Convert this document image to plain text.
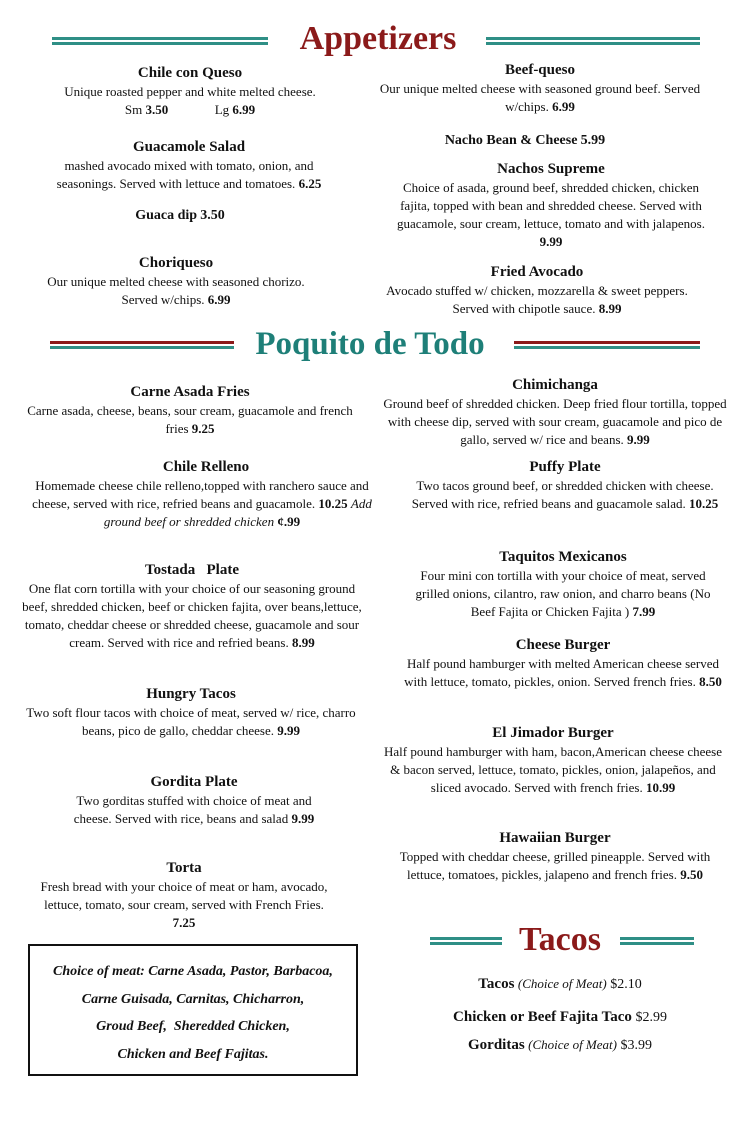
Appetizers
Chile con Queso
Unique roasted pepper and white melted cheese.
Sm 3.50	Lg 6.99
Guacamole Salad
mashed avocado mixed with tomato, onion, and seasonings. Served with lettuce and tomatoes. 6.25
Guaca dip 3.50
Choriqueso
Our unique melted cheese with seasoned chorizo. Served w/chips. 6.99
Beef-queso
Our unique melted cheese with seasoned ground beef. Served w/chips. 6.99
Nacho Bean & Cheese 5.99
Nachos Supreme
Choice of asada, ground beef, shredded chicken, chicken fajita, topped with bean and shredded cheese. Served with guacamole, sour cream, lettuce, tomato and with jalapenos. 9.99
Fried Avocado
Avocado stuffed w/ chicken, mozzarella & sweet peppers. Served with chipotle sauce. 8.99
Poquito de Todo
Carne Asada Fries
Carne asada, cheese, beans, sour cream, guacamole and french fries 9.25
Chile Relleno
Homemade cheese chile relleno,topped with ranchero sauce and cheese, served with rice, refried beans and guacamole. 10.25 Add ground beef or shredded chicken ¢.99
Tostada   Plate
One flat corn tortilla with your choice of our seasoning ground beef, shredded chicken, beef or chicken fajita, over beans,lettuce, tomato, cheddar cheese or shredded cheese, guacamole and sour cream. Served with rice and refried beans. 8.99
Hungry Tacos
Two soft flour tacos with choice of meat, served w/ rice, charro beans, pico de gallo, cheddar cheese. 9.99
Gordita Plate
Two gorditas stuffed with choice of meat and cheese. Served with rice, beans and salad 9.99
Torta
Fresh bread with your choice of meat or ham, avocado, lettuce, tomato, sour cream, served with French Fries. 7.25
Chimichanga
Ground beef of shredded chicken. Deep fried flour tortilla, topped with cheese dip, served with sour cream, guacamole and pico de gallo, served w/ rice and beans. 9.99
Puffy Plate
Two tacos ground beef, or shredded chicken with cheese. Served with rice, refried beans and guacamole salad. 10.25
Taquitos Mexicanos
Four mini con tortilla with your choice of meat, served grilled onions, cilantro, raw onion, and charro beans (No Beef Fajita or Chicken Fajita ) 7.99
Cheese Burger
Half pound hamburger with melted American cheese served with lettuce, tomato, pickles, onion. Served french fries. 8.50
El Jimador Burger
Half pound hamburger with ham, bacon,American cheese cheese & bacon served, lettuce, tomato, pickles, onion, jalapeños, and sliced avocado. Served with french fries. 10.99
Hawaiian Burger
Topped with cheddar cheese, grilled pineapple. Served with lettuce, tomatoes, pickles, jalapeno and french fries. 9.50
Choice of meat: Carne Asada, Pastor, Barbacoa,
Carne Guisada, Carnitas, Chicharron,
Groud Beef,  Sheredded Chicken,
Chicken and Beef Fajitas.
Tacos
Tacos (Choice of Meat) $2.10
Chicken or Beef Fajita Taco $2.99
Gorditas (Choice of Meat) $3.99
